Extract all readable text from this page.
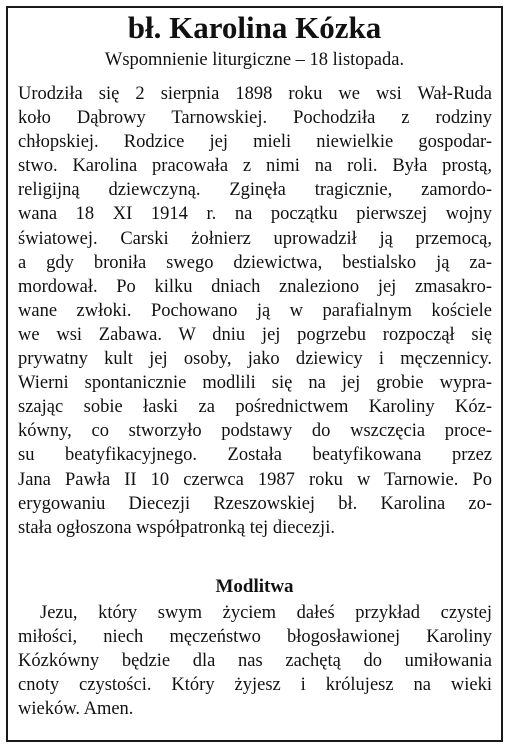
bł. Karolina Kózka

Wspomnienie liturgiczne – 18 listopada.

Urodziła się 2 sierpnia 1898 roku we wsi Wał-Ruda
koło Dąbrowy Tarnowskiej. Pochodziła z rodziny
chłopskiej. Rodzice jej mieli niewielkie gospodar-
stwo. Karolina pracowała z nimi na roli. Była prostą,
religijną dziewczyną. Zginęła tragicznie, zamordo-
wana 18 XI 1914 r. na początku pierwszej wojny
światowej. Carski żołnierz uprowadził ją przemocą,
a gdy broniła swego dziewictwa, bestialsko ją za-
mordował. Po kilku dniach znaleziono jej zmasakro-
wane zwłoki. Pochowano ją w parafialnym kościele
we wsi Zabawa. W dniu jej pogrzebu rozpoczął się
prywatny kult jej osoby, jako dziewicy i męczennicy.
Wierni spontanicznie modlili się na jej grobie wypra-
szając sobie łaski za pośrednictwem Karoliny Kóz-
kówny, co stworzyło podstawy do wszczęcia proce-
su beatyfikacyjnego. Została beatyfikowana przez
Jana Pawła II 10 czerwca 1987 roku w Tarnowie. Po
erygowaniu Diecezji Rzeszowskiej bł. Karolina zo-
stała ogłoszona współpatronką tej diecezji.
Modlitwa
Jezu, który swym życiem dałeś przykład czystej
miłości, niech męczeństwo błogosławionej Karoliny
Kózkówny będzie dla nas zachętą do umiłowania
cnoty czystości. Który żyjesz i królujesz na wieki
wieków. Amen.
